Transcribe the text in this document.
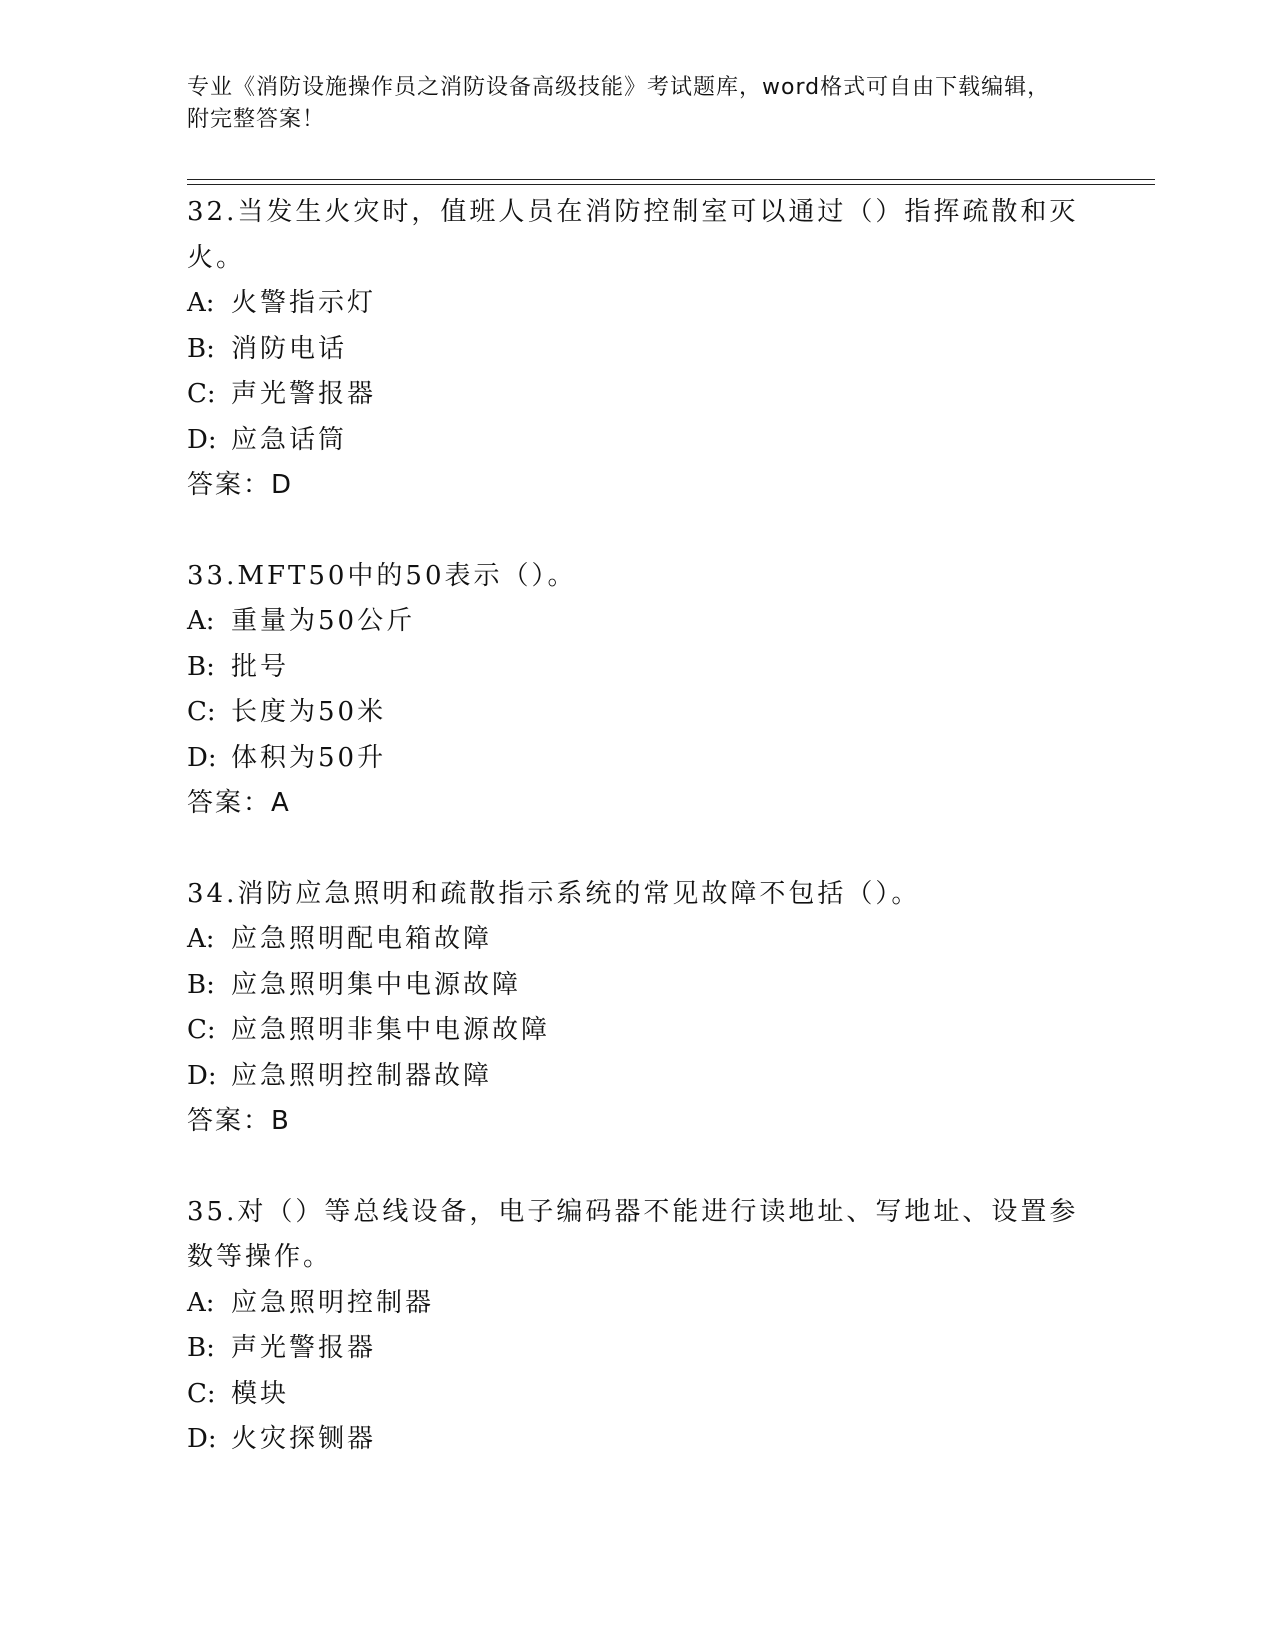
专业《消防设施操作员之消防设备高级技能》考试题库，word格式可自由下载编辑，附完整答案！

32.当发生火灾时，值班人员在消防控制室可以通过（）指挥疏散和灭火。

A: 火警指示灯

B: 消防电话

C: 声光警报器

D: 应急话筒

答案：D

33.MFT50中的50表示（）。

A: 重量为50公斤

B: 批号

C: 长度为50米

D: 体积为50升

答案：A

34.消防应急照明和疏散指示系统的常见故障不包括（）。

A: 应急照明配电箱故障

B: 应急照明集中电源故障

C: 应急照明非集中电源故障

D: 应急照明控制器故障

答案：B

35.对（）等总线设备，电子编码器不能进行读地址、写地址、设置参数等操作。

A: 应急照明控制器

B: 声光警报器

C: 模块

D: 火灾探铡器
